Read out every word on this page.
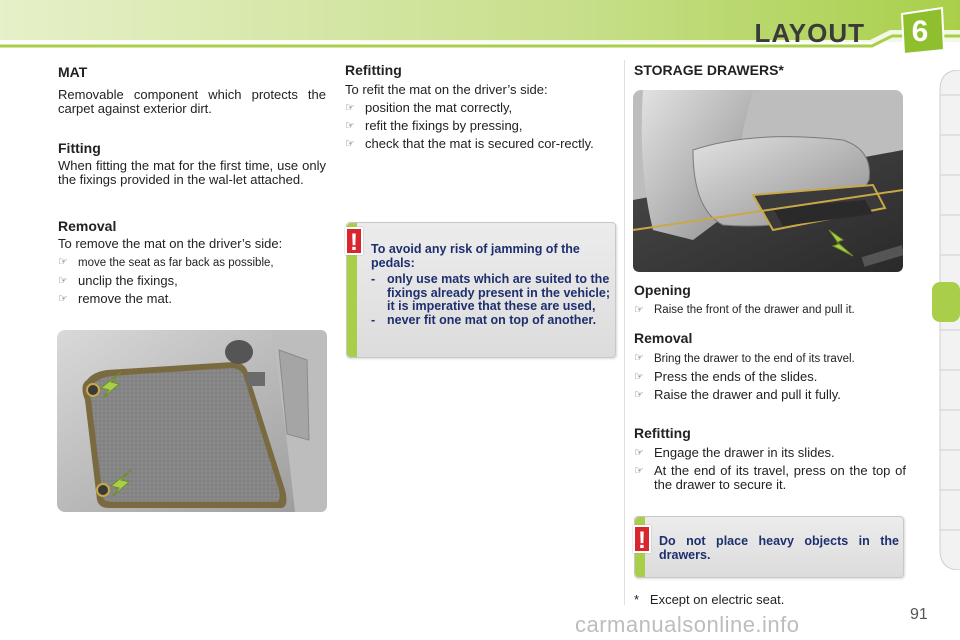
LAYOUT	6
MAT
Removable component which protects the carpet against exterior dirt.
Fitting
When fitting the mat for the first time, use only the fixings provided in the wal-let attached.
Removal
To remove the mat on the driver’s side:
☞ move the seat as far back as possible,
☞ unclip the fixings,
☞ remove the mat.
Refitting
To refit the mat on the driver’s side:
☞ position the mat correctly,
☞ refit the fixings by pressing,
☞ check that the mat is secured cor-rectly.
!	To avoid any risk of jamming of the pedals:
- only use mats which are suited to the fixings already present in the vehicle; it is imperative that these are used,
- never fit one mat on top of another.
STORAGE DRAWERS*
Opening
☞ Raise the front of the drawer and pull it.
Removal
☞ Bring the drawer to the end of its travel.
☞ Press the ends of the slides.
☞ Raise the drawer and pull it fully.
Refitting
☞ Engage the drawer in its slides.
☞ At the end of its travel, press on the top of the drawer to secure it.
!	Do not place heavy objects in the drawers.
* Except on electric seat.
91
carmanualsonline.info
